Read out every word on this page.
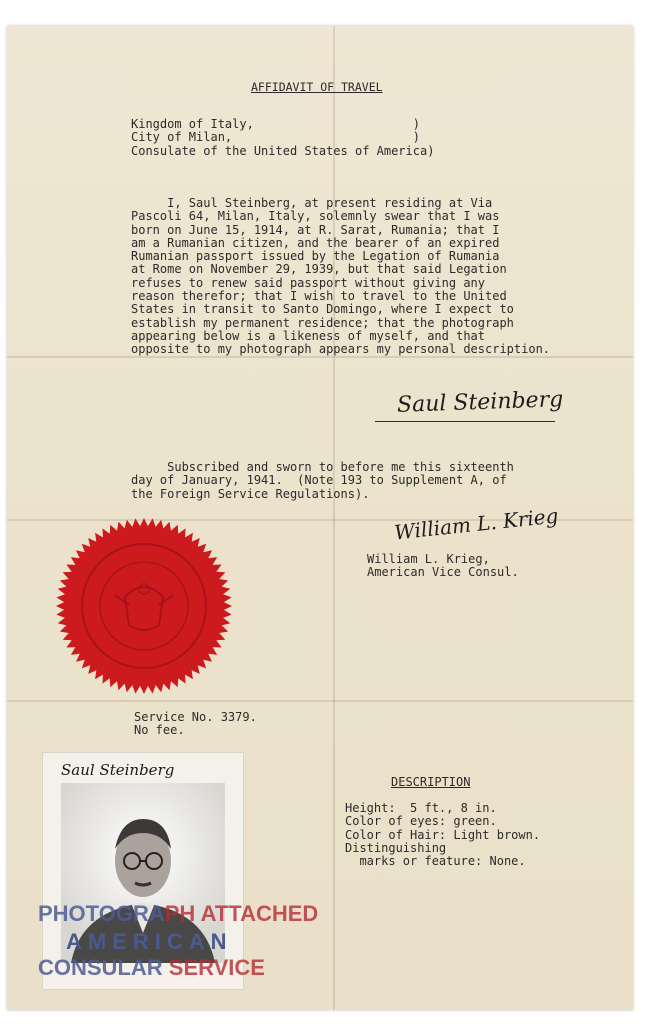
AFFIDAVIT OF TRAVEL
Kingdom of Italy,                      )
City of Milan,                         )
Consulate of the United States of America)
I, Saul Steinberg, at present residing at Via
Pascoli 64, Milan, Italy, solemnly swear that I was
born on June 15, 1914, at R. Sarat, Rumania; that I
am a Rumanian citizen, and the bearer of an expired
Rumanian passport issued by the Legation of Rumania
at Rome on November 29, 1939, but that said Legation
refuses to renew said passport without giving any
reason therefor; that I wish to travel to the United
States in transit to Santo Domingo, where I expect to
establish my permanent residence; that the photograph
appearing below is a likeness of myself, and that
opposite to my photograph appears my personal description.
Saul Steinberg
Subscribed and sworn to before me this sixteenth
day of January, 1941.  (Note 193 to Supplement A, of
the Foreign Service Regulations).
William L. Krieg
William L. Krieg,
American Vice Consul.
Service No. 3379.
No fee.
Saul Steinberg
PHOTOGRAPH ATTACHED
AMERICAN
CONSULAR SERVICE
DESCRIPTION
Height:  5 ft., 8 in.
Color of eyes: green.
Color of Hair: Light brown.
Distinguishing
marks or feature: None.
